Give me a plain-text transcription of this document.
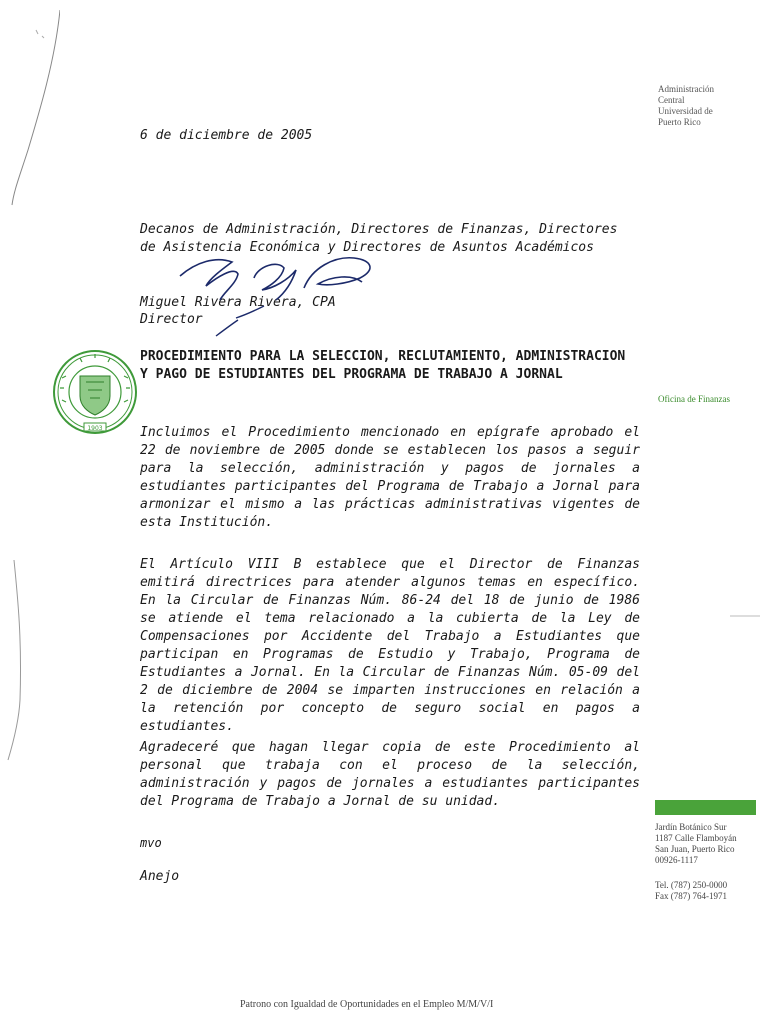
Administración
Central
Universidad de
Puerto Rico
6 de diciembre de 2005
Decanos de Administración, Directores de Finanzas, Directores de Asistencia Económica y Directores de Asuntos Académicos
Miguel Rivera Rivera, CPA
Director
1903
PROCEDIMIENTO PARA LA SELECCION, RECLUTAMIENTO, ADMINISTRACION Y PAGO DE ESTUDIANTES DEL PROGRAMA DE TRABAJO A JORNAL
Oficina de Finanzas
Incluimos el Procedimiento mencionado en epígrafe aprobado el 22 de noviembre de 2005 donde se establecen los pasos a seguir para la selección, administración y pagos de jornales a estudiantes participantes del Programa de Trabajo a Jornal para armonizar el mismo a las prácticas administrativas vigentes de esta Institución.
El Artículo VIII B establece que el Director de Finanzas emitirá directrices para atender algunos temas en específico. En la Circular de Finanzas Núm. 86-24 del 18 de junio de 1986 se atiende el tema relacionado a la cubierta de la Ley de Compensaciones por Accidente del Trabajo a Estudiantes que participan en Programas de Estudio y Trabajo, Programa de Estudiantes a Jornal. En la Circular de Finanzas Núm. 05-09 del 2 de diciembre de 2004 se imparten instrucciones en relación a la retención por concepto de seguro social en pagos a estudiantes.
Agradeceré que hagan llegar copia de este Procedimiento al personal que trabaja con el proceso de la selección, administración y pagos de jornales a estudiantes participantes del Programa de Trabajo a Jornal de su unidad.
Jardín Botánico Sur
1187 Calle Flamboyán
San Juan, Puerto Rico
00926-1117
Tel. (787) 250-0000
Fax (787) 764-1971
mvo
Anejo
Patrono con Igualdad de Oportunidades en el Empleo M/M/V/I
